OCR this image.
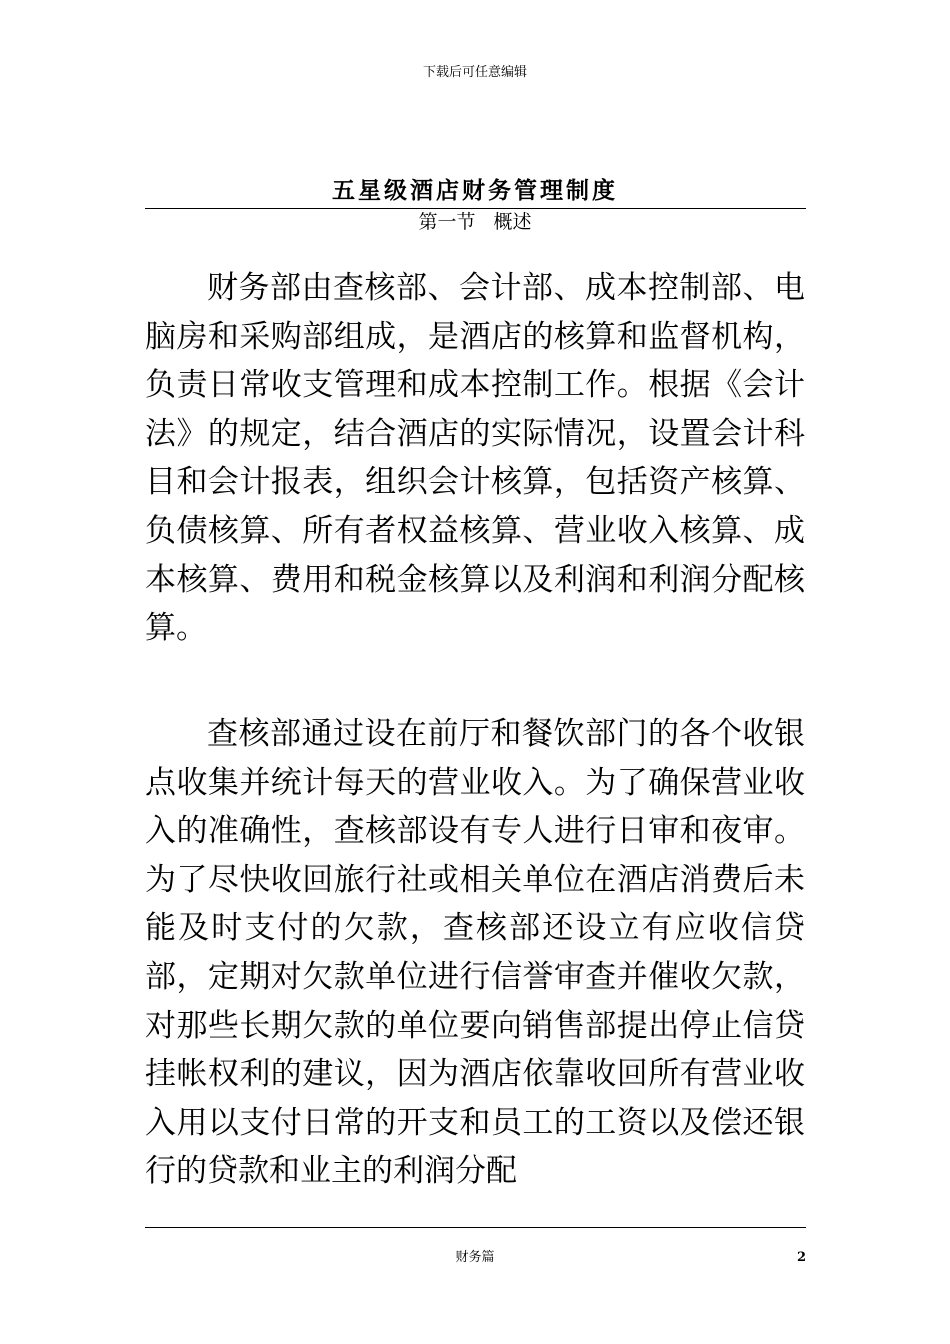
下载后可任意编辑
五星级酒店财务管理制度
第一节   概述

财务部由查核部、会计部、成本控制部、电脑房和采购部组成，是酒店的核算和监督机构，负责日常收支管理和成本控制工作。根据《会计法》的规定，结合酒店的实际情况，设置会计科目和会计报表，组织会计核算，包括资产核算、负债核算、所有者权益核算、营业收入核算、成本核算、费用和税金核算以及利润和利润分配核算。

查核部通过设在前厅和餐饮部门的各个收银点收集并统计每天的营业收入。为了确保营业收入的准确性，查核部设有专人进行日审和夜审。为了尽快收回旅行社或相关单位在酒店消费后未能及时支付的欠款，查核部还设立有应收信贷部，定期对欠款单位进行信誉审查并催收欠款，对那些长期欠款的单位要向销售部提出停止信贷挂帐权利的建议，因为酒店依靠收回所有营业收入用以支付日常的开支和员工的工资以及偿还银行的贷款和业主的利润分配

财务篇	2
